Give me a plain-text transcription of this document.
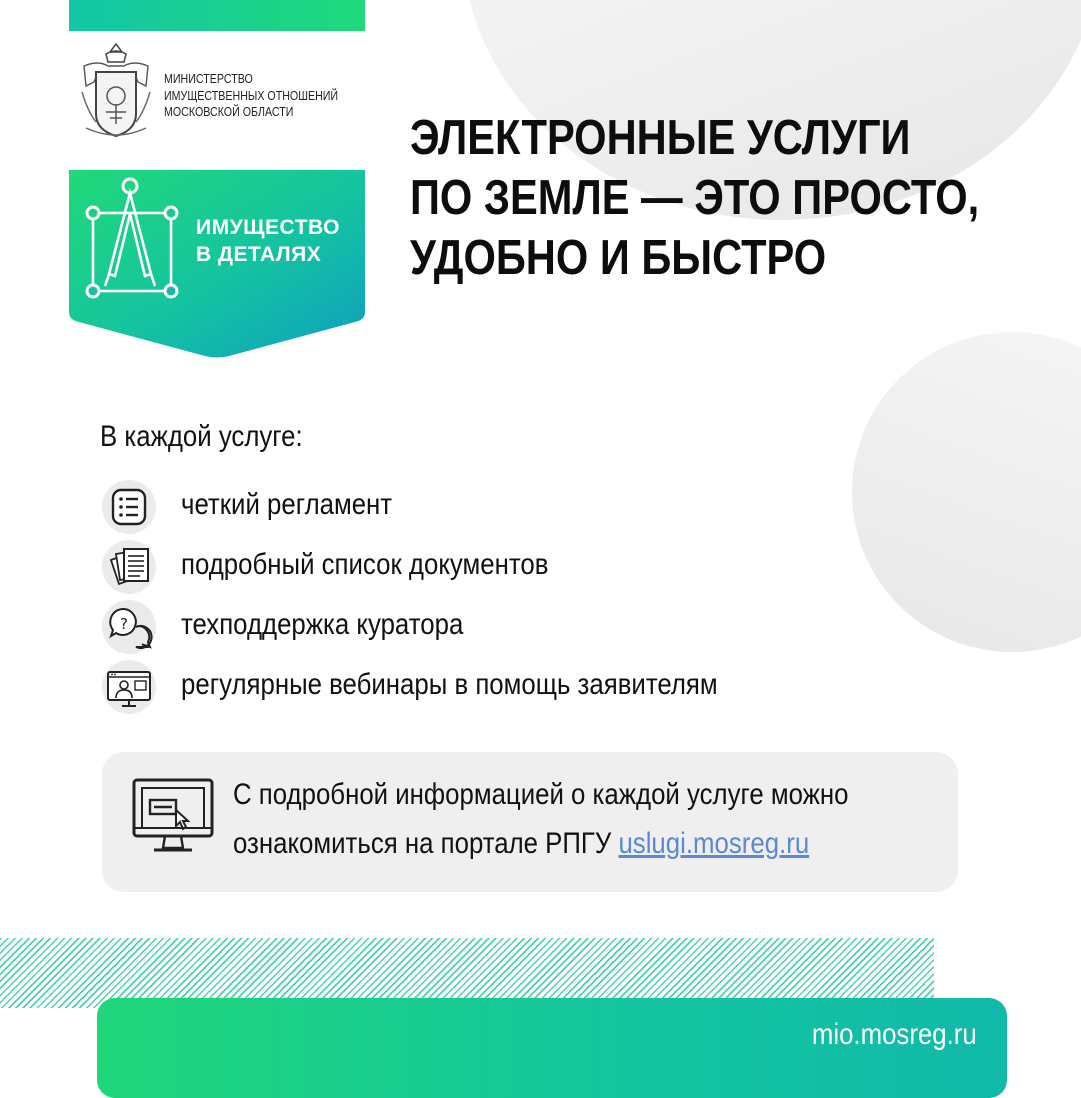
МИНИСТЕРСТВО
ИМУЩЕСТВЕННЫХ ОТНОШЕНИЙ
МОСКОВСКОЙ ОБЛАСТИ
ИМУЩЕСТВО
В ДЕТАЛЯХ
ЭЛЕКТРОННЫЕ УСЛУГИ
ПО ЗЕМЛЕ — ЭТО ПРОСТО,
УДОБНО И БЫСТРО
В каждой услуге:
четкий регламент
подробный список документов
? техподдержка куратора
регулярные вебинары в помощь заявителям
С подробной информацией о каждой услуге можно
ознакомиться на портале РПГУ uslugi.mosreg.ru
mio.mosreg.ru
